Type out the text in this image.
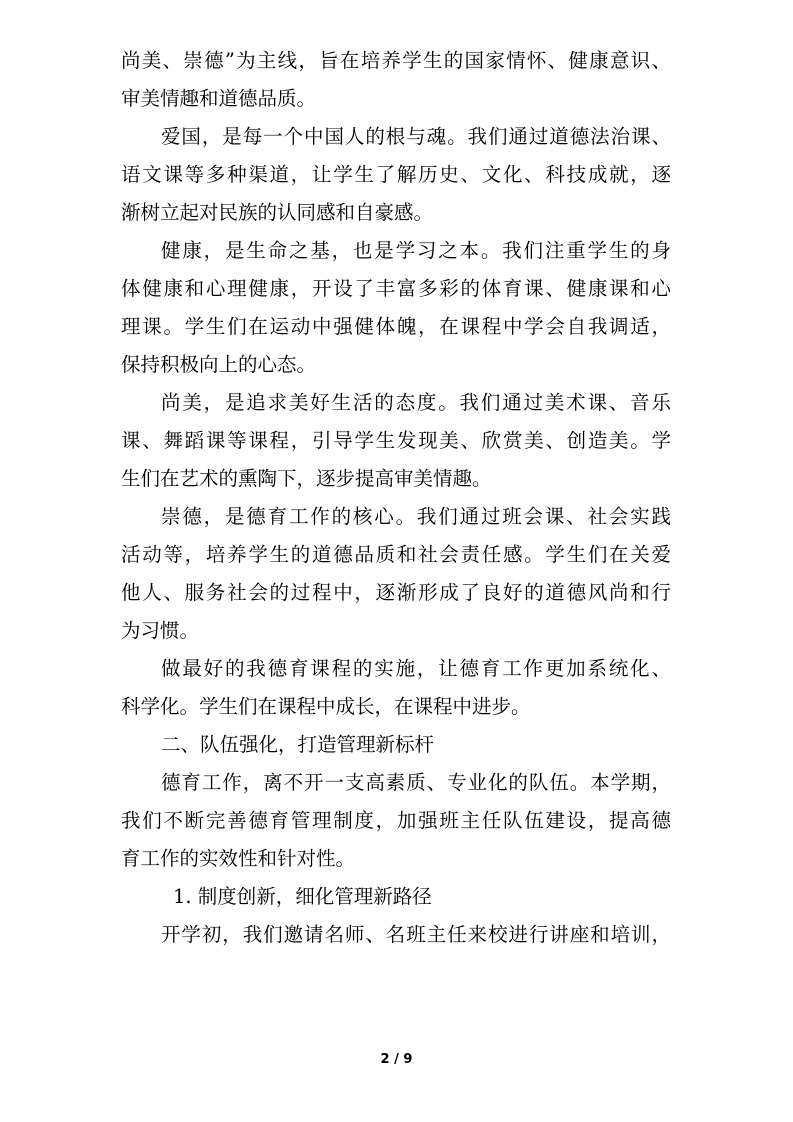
尚美、崇德”为主线，旨在培养学生的国家情怀、健康意识、
审美情趣和道德品质。
爱国，是每一个中国人的根与魂。我们通过道德法治课、
语文课等多种渠道，让学生了解历史、文化、科技成就，逐
渐树立起对民族的认同感和自豪感。
健康，是生命之基，也是学习之本。我们注重学生的身
体健康和心理健康，开设了丰富多彩的体育课、健康课和心
理课。学生们在运动中强健体魄，在课程中学会自我调适，
保持积极向上的心态。
尚美，是追求美好生活的态度。我们通过美术课、音乐
课、舞蹈课等课程，引导学生发现美、欣赏美、创造美。学
生们在艺术的熏陶下，逐步提高审美情趣。
崇德，是德育工作的核心。我们通过班会课、社会实践
活动等，培养学生的道德品质和社会责任感。学生们在关爱
他人、服务社会的过程中，逐渐形成了良好的道德风尚和行
为习惯。
做最好的我德育课程的实施，让德育工作更加系统化、
科学化。学生们在课程中成长，在课程中进步。
二、队伍强化，打造管理新标杆
德育工作，离不开一支高素质、专业化的队伍。本学期，
我们不断完善德育管理制度，加强班主任队伍建设，提高德
育工作的实效性和针对性。
1. 制度创新，细化管理新路径
开学初，我们邀请名师、名班主任来校进行讲座和培训，
2 / 9
